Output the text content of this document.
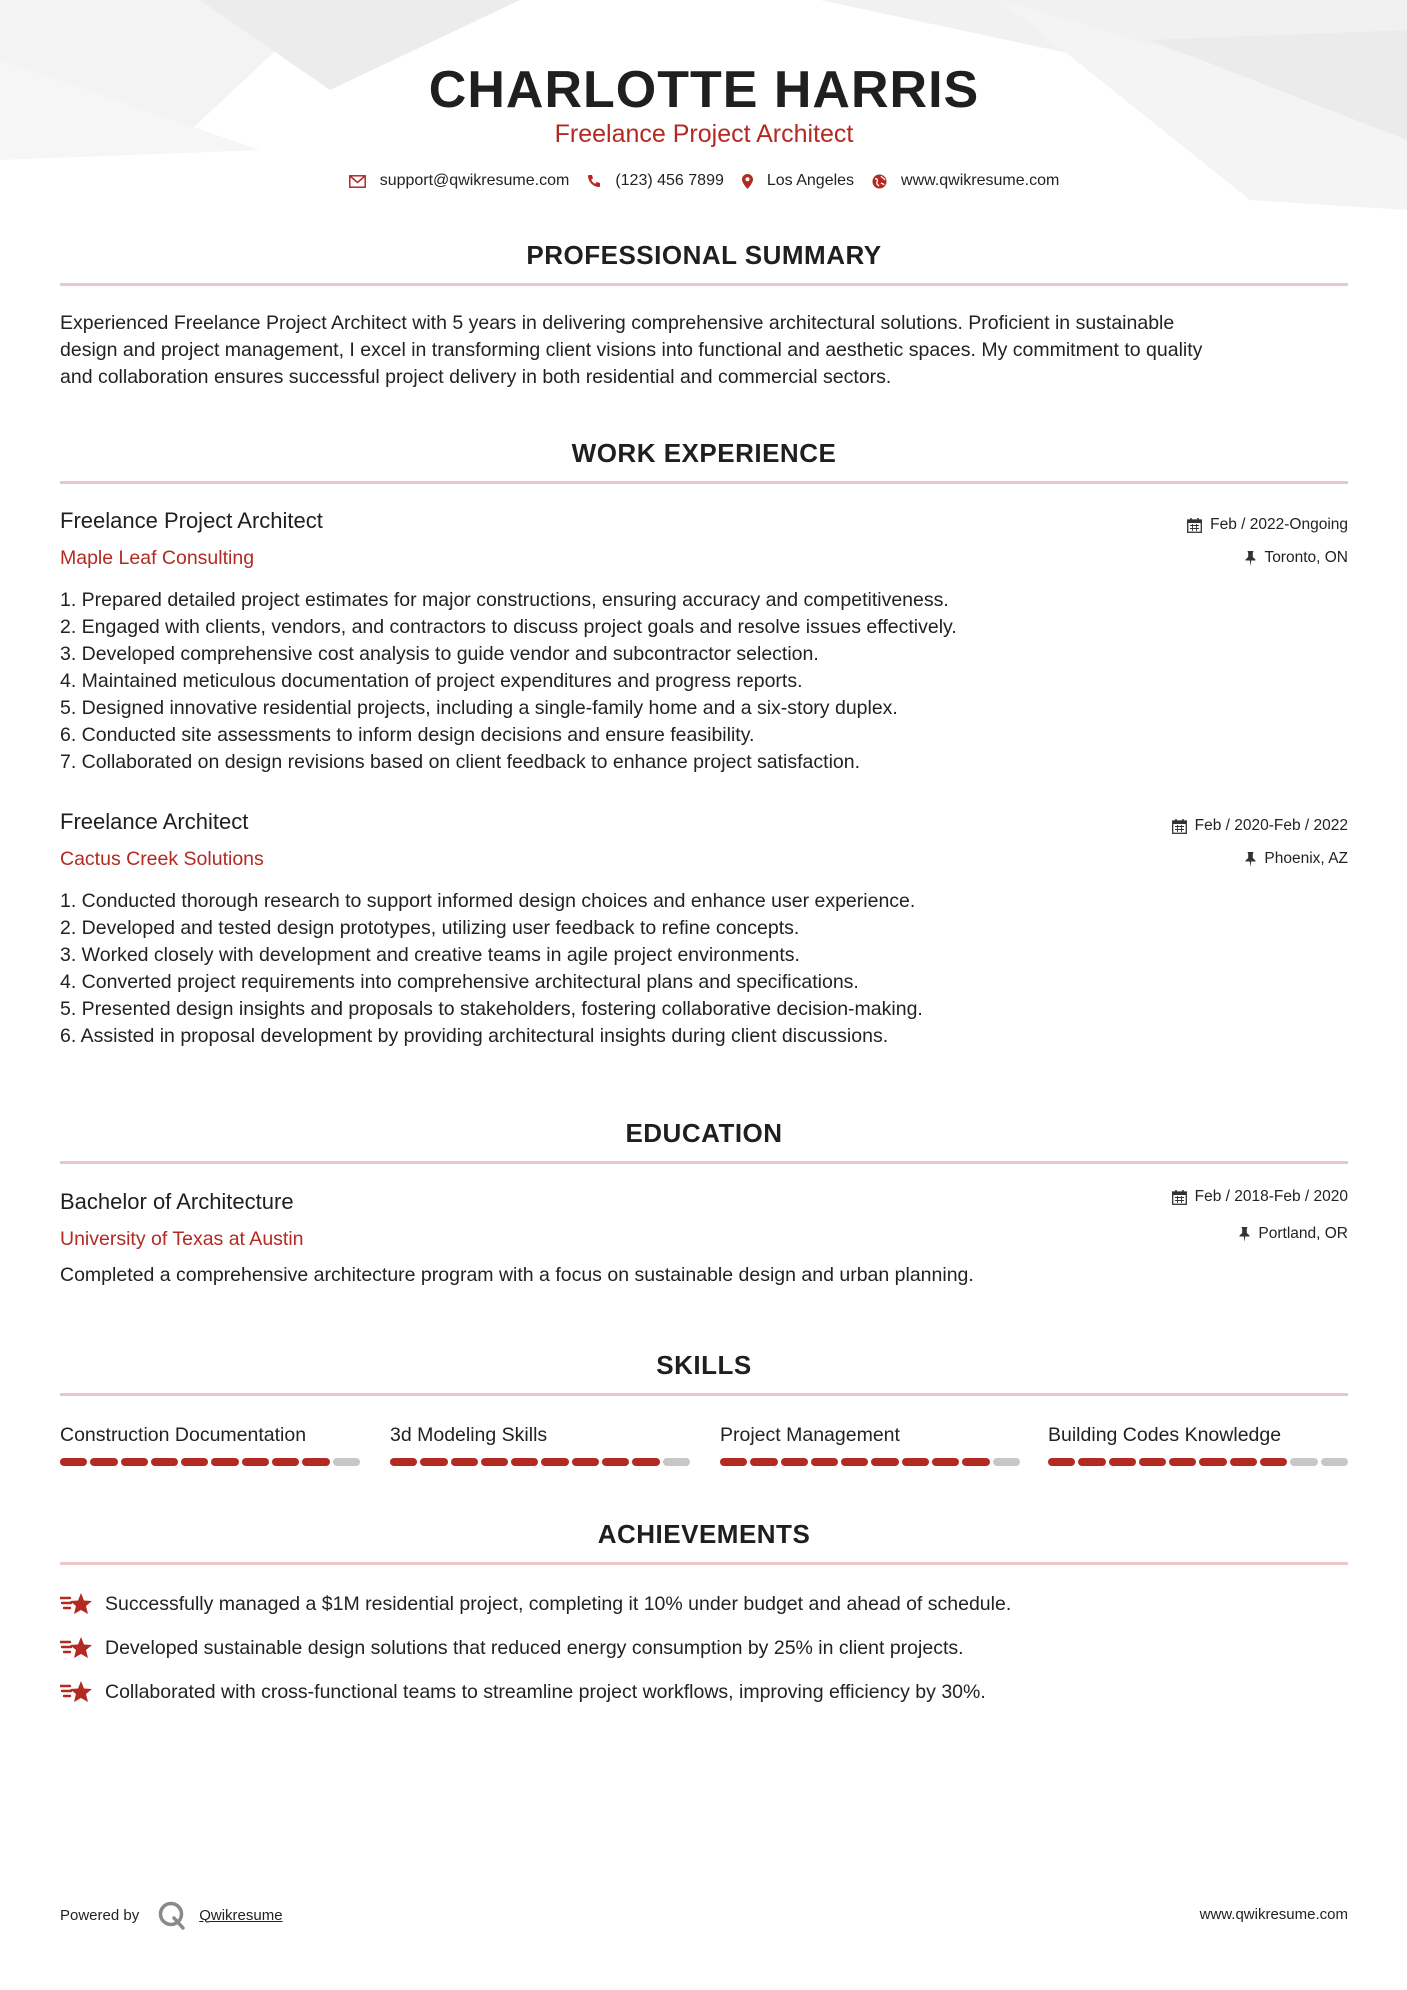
CHARLOTTE HARRIS
Freelance Project Architect
support@qwikresume.com	(123) 456 7899	Los Angeles	www.qwikresume.com
PROFESSIONAL SUMMARY
Experienced Freelance Project Architect with 5 years in delivering comprehensive architectural solutions. Proficient in sustainable
design and project management, I excel in transforming client visions into functional and aesthetic spaces. My commitment to quality
and collaboration ensures successful project delivery in both residential and commercial sectors.
WORK EXPERIENCE
Freelance Project Architect
Maple Leaf Consulting
Feb / 2022-Ongoing
Toronto, ON
1. Prepared detailed project estimates for major constructions, ensuring accuracy and competitiveness.
2. Engaged with clients, vendors, and contractors to discuss project goals and resolve issues effectively.
3. Developed comprehensive cost analysis to guide vendor and subcontractor selection.
4. Maintained meticulous documentation of project expenditures and progress reports.
5. Designed innovative residential projects, including a single-family home and a six-story duplex.
6. Conducted site assessments to inform design decisions and ensure feasibility.
7. Collaborated on design revisions based on client feedback to enhance project satisfaction.
Freelance Architect
Cactus Creek Solutions
Feb / 2020-Feb / 2022
Phoenix, AZ
1. Conducted thorough research to support informed design choices and enhance user experience.
2. Developed and tested design prototypes, utilizing user feedback to refine concepts.
3. Worked closely with development and creative teams in agile project environments.
4. Converted project requirements into comprehensive architectural plans and specifications.
5. Presented design insights and proposals to stakeholders, fostering collaborative decision-making.
6. Assisted in proposal development by providing architectural insights during client discussions.
EDUCATION
Bachelor of Architecture
University of Texas at Austin
Feb / 2018-Feb / 2020
Portland, OR
Completed a comprehensive architecture program with a focus on sustainable design and urban planning.
SKILLS
Construction Documentation	3d Modeling Skills	Project Management	Building Codes Knowledge
ACHIEVEMENTS
Successfully managed a $1M residential project, completing it 10% under budget and ahead of schedule.
Developed sustainable design solutions that reduced energy consumption by 25% in client projects.
Collaborated with cross-functional teams to streamline project workflows, improving efficiency by 30%.
Powered by	Qwikresume	www.qwikresume.com
